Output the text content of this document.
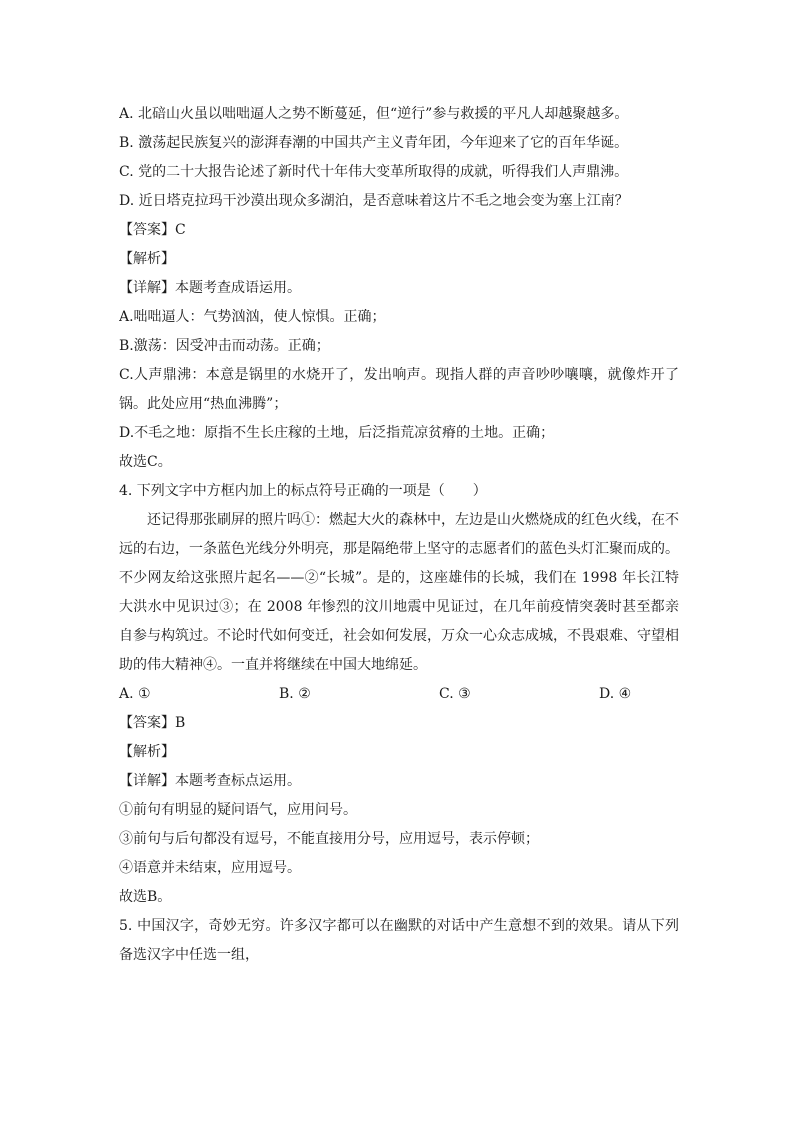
A. 北碚山火虽以咄咄逼人之势不断蔓延，但“逆行”参与救援的平凡人却越聚越多。
B. 激荡起民族复兴的澎湃春潮的中国共产主义青年团，今年迎来了它的百年华诞。
C. 党的二十大报告论述了新时代十年伟大变革所取得的成就，听得我们人声鼎沸。
D. 近日塔克拉玛干沙漠出现众多湖泊，是否意味着这片不毛之地会变为塞上江南？
【答案】C
【解析】
【详解】本题考查成语运用。
A.咄咄逼人：气势汹汹，使人惊惧。正确；
B.激荡：因受冲击而动荡。正确；
C.人声鼎沸：本意是锅里的水烧开了，发出响声。现指人群的声音吵吵嚷嚷，就像炸开了锅。此处应用“热血沸腾”；
D.不毛之地：原指不生长庄稼的土地，后泛指荒凉贫瘠的土地。正确；
故选C。
4. 下列文字中方框内加上的标点符号正确的一项是（　　）
还记得那张刷屏的照片吗①：燃起大火的森林中，左边是山火燃烧成的红色火线，在不远的右边，一条蓝色光线分外明亮，那是隔绝带上坚守的志愿者们的蓝色头灯汇聚而成的。不少网友给这张照片起名——②“长城”。是的，这座雄伟的长城，我们在 1998 年长江特大洪水中见识过③；在 2008 年惨烈的汶川地震中见证过，在几年前疫情突袭时甚至都亲自参与构筑过。不论时代如何变迁，社会如何发展，万众一心众志成城，不畏艰难、守望相助的伟大精神④。一直并将继续在中国大地绵延。
A. ①	B. ②	C. ③	D. ④
【答案】B
【解析】
【详解】本题考查标点运用。
①前句有明显的疑问语气，应用问号。
③前句与后句都没有逗号，不能直接用分号，应用逗号，表示停顿；
④语意并未结束，应用逗号。
故选B。
5. 中国汉字，奇妙无穷。许多汉字都可以在幽默的对话中产生意想不到的效果。请从下列备选汉字中任选一组，
